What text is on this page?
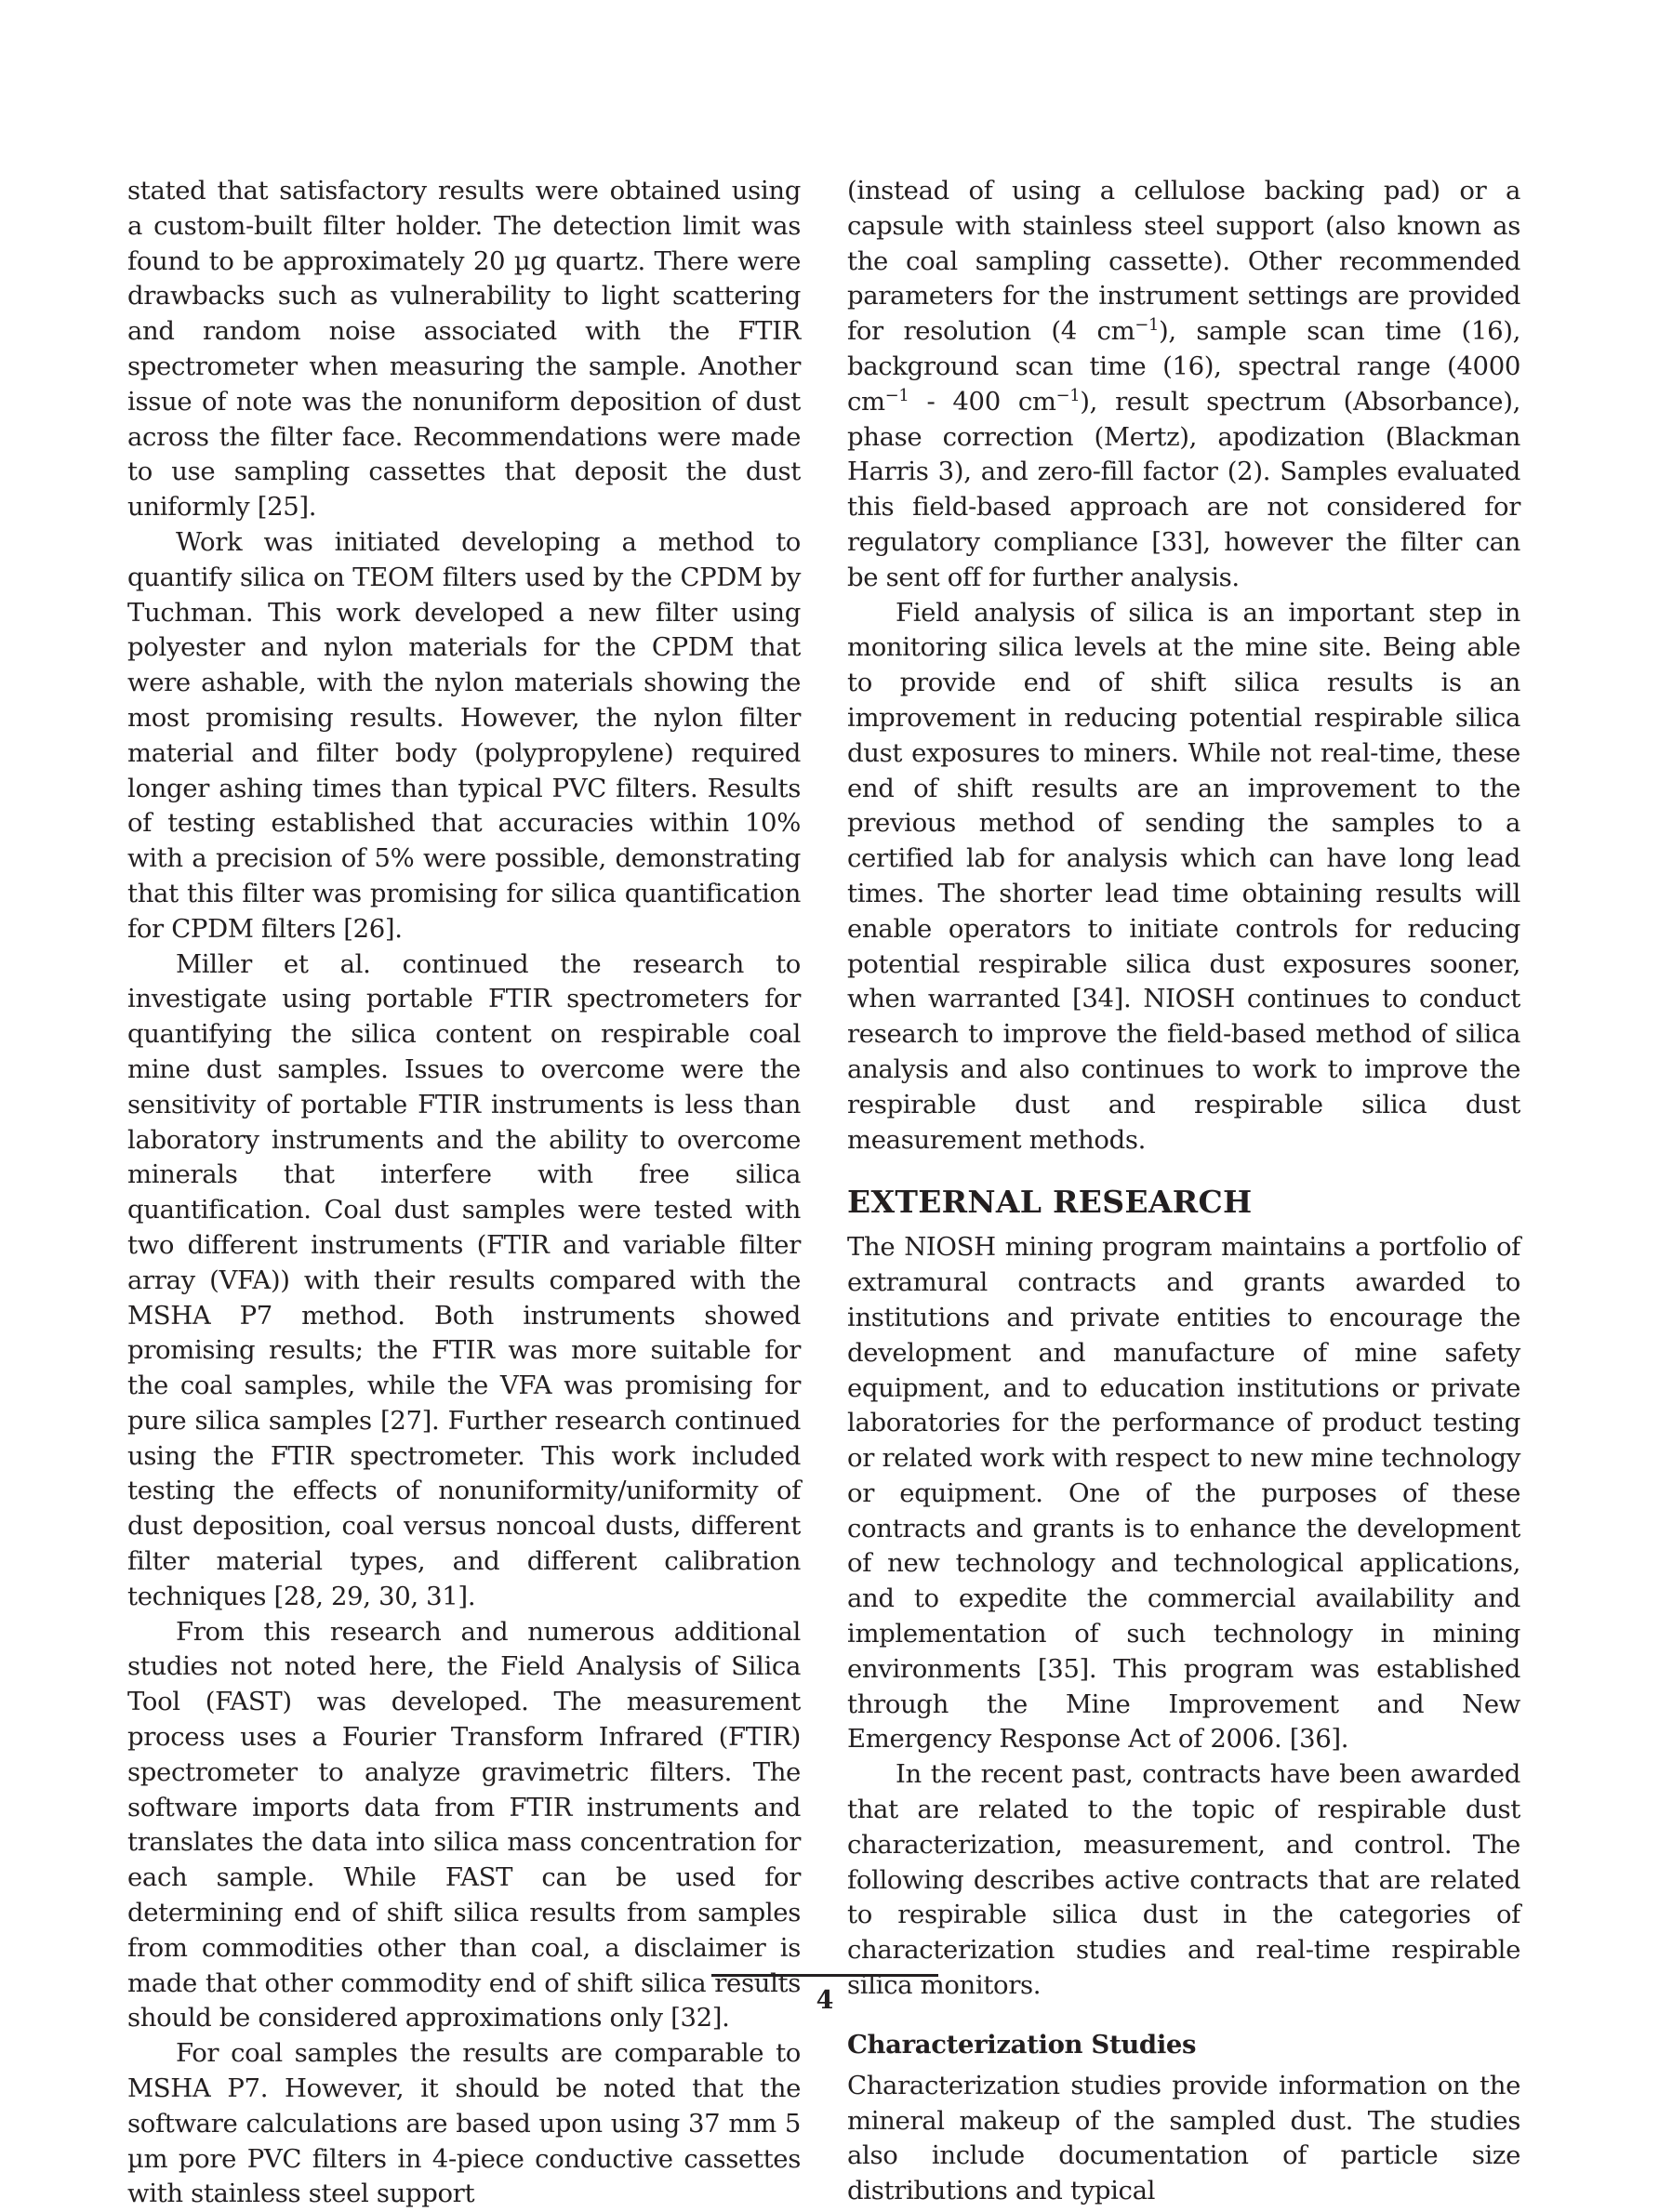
stated that satisfactory results were obtained using a custom-built filter holder. The detection limit was found to be approximately 20 µg quartz. There were drawbacks such as vulnerability to light scattering and random noise associated with the FTIR spectrometer when measuring the sample. Another issue of note was the nonuniform deposition of dust across the filter face. Recommendations were made to use sampling cassettes that deposit the dust uniformly [25].

Work was initiated developing a method to quantify silica on TEOM filters used by the CPDM by Tuchman. This work developed a new filter using polyester and nylon materials for the CPDM that were ashable, with the nylon materials showing the most promising results. However, the nylon filter material and filter body (polypropylene) required longer ashing times than typical PVC filters. Results of testing established that accuracies within 10% with a precision of 5% were possible, demonstrating that this filter was promising for silica quantification for CPDM filters [26].

Miller et al. continued the research to investigate using portable FTIR spectrometers for quantifying the silica content on respirable coal mine dust samples. Issues to overcome were the sensitivity of portable FTIR instruments is less than laboratory instruments and the ability to overcome minerals that interfere with free silica quantification. Coal dust samples were tested with two different instruments (FTIR and variable filter array (VFA)) with their results compared with the MSHA P7 method. Both instruments showed promising results; the FTIR was more suitable for the coal samples, while the VFA was promising for pure silica samples [27]. Further research continued using the FTIR spectrometer. This work included testing the effects of nonuniformity/uniformity of dust deposition, coal versus noncoal dusts, different filter material types, and different calibration techniques [28, 29, 30, 31].

From this research and numerous additional studies not noted here, the Field Analysis of Silica Tool (FAST) was developed. The measurement process uses a Fourier Transform Infrared (FTIR) spectrometer to analyze gravimetric filters. The software imports data from FTIR instruments and translates the data into silica mass concentration for each sample. While FAST can be used for determining end of shift silica results from samples from commodities other than coal, a disclaimer is made that other commodity end of shift silica results should be considered approximations only [32].

For coal samples the results are comparable to MSHA P7. However, it should be noted that the software calculations are based upon using 37 mm 5 µm pore PVC filters in 4-piece conductive cassettes with stainless steel support

(instead of using a cellulose backing pad) or a capsule with stainless steel support (also known as the coal sampling cassette). Other recommended parameters for the instrument settings are provided for resolution (4 $cm^{-1}$), sample scan time (16), background scan time (16), spectral range (4000 $cm^{-1} - 400$ $cm^{-1}$), result spectrum (Absorbance), phase correction (Mertz), apodization (Blackman Harris 3), and zero-fill factor (2). Samples evaluated this field-based approach are not considered for regulatory compliance [33], however the filter can be sent off for further analysis.

Field analysis of silica is an important step in monitoring silica levels at the mine site. Being able to provide end of shift silica results is an improvement in reducing potential respirable silica dust exposures to miners. While not real-time, these end of shift results are an improvement to the previous method of sending the samples to a certified lab for analysis which can have long lead times. The shorter lead time obtaining results will enable operators to initiate controls for reducing potential respirable silica dust exposures sooner, when warranted [34]. NIOSH continues to conduct research to improve the field-based method of silica analysis and also continues to work to improve the respirable dust and respirable silica dust measurement methods.

EXTERNAL RESEARCH

The NIOSH mining program maintains a portfolio of extramural contracts and grants awarded to institutions and private entities to encourage the development and manufacture of mine safety equipment, and to education institutions or private laboratories for the performance of product testing or related work with respect to new mine technology or equipment. One of the purposes of these contracts and grants is to enhance the development of new technology and technological applications, and to expedite the commercial availability and implementation of such technology in mining environments [35]. This program was established through the Mine Improvement and New Emergency Response Act of 2006. [36].

In the recent past, contracts have been awarded that are related to the topic of respirable dust characterization, measurement, and control. The following describes active contracts that are related to respirable silica dust in the categories of characterization studies and real-time respirable silica monitors.

Characterization Studies

Characterization studies provide information on the mineral makeup of the sampled dust. The studies also include documentation of particle size distributions and typical

4
